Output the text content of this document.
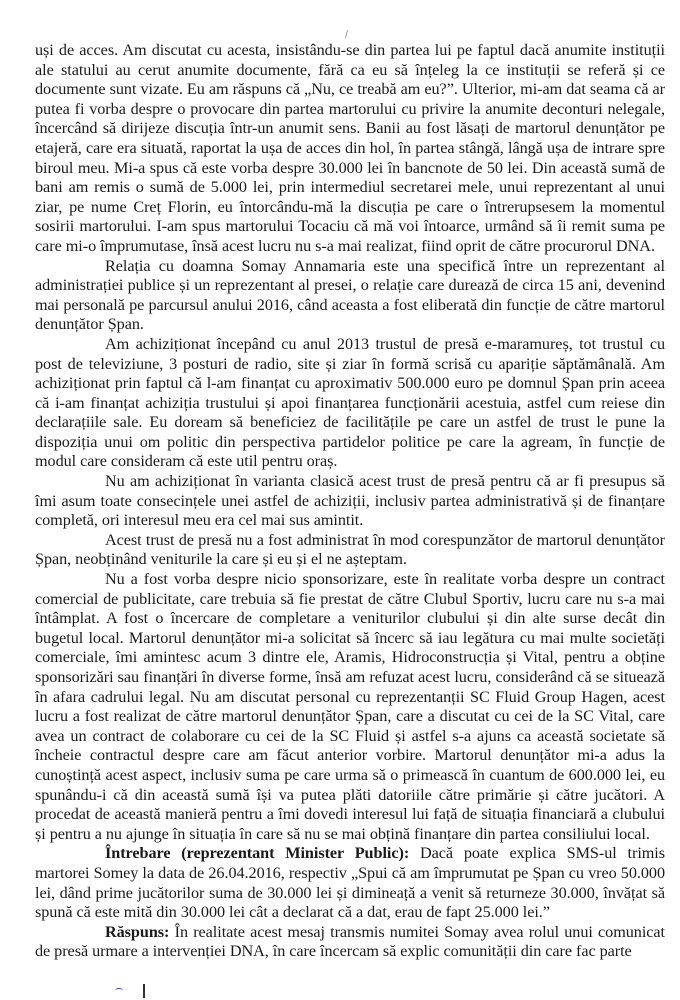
uși de acces. Am discutat cu acesta, insistându-se din partea lui pe faptul dacă anumite instituții ale statului au cerut anumite documente, fără ca eu să înțeleg la ce instituții se referă și ce documente sunt vizate. Eu am răspuns că „Nu, ce treabă am eu?”. Ulterior, mi-am dat seama că ar putea fi vorba despre o provocare din partea martorului cu privire la anumite deconturi nelegale, încercând să dirijeze discuția într-un anumit sens. Banii au fost lăsați de martorul denunțător pe etajeră, care era situată, raportat la ușa de acces din hol, în partea stângă, lângă ușa de intrare spre biroul meu. Mi-a spus că este vorba despre 30.000 lei în bancnote de 50 lei. Din această sumă de bani am remis o sumă de 5.000 lei, prin intermediul secretarei mele, unui reprezentant al unui ziar, pe nume Creț Florin, eu întorcându-mă la discuția pe care o întrerupsesem la momentul sosirii martorului. I-am spus martorului Tocaciu că mă voi întoarce, urmând să îi remit suma pe care mi-o împrumutase, însă acest lucru nu s-a mai realizat, fiind oprit de către procurorul DNA.

Relația cu doamna Somay Annamaria este una specifică între un reprezentant al administrației publice și un reprezentant al presei, o relație care durează de circa 15 ani, devenind mai personală pe parcursul anului 2016, când aceasta a fost eliberată din funcție de către martorul denunțător Șpan.

Am achiziționat începând cu anul 2013 trustul de presă e-maramureș, tot trustul cu post de televiziune, 3 posturi de radio, site și ziar în formă scrisă cu apariție săptămânală. Am achiziționat prin faptul că l-am finanțat cu aproximativ 500.000 euro pe domnul Șpan prin aceea că i-am finanțat achiziția trustului și apoi finanțarea funcționării acestuia, astfel cum reiese din declarațiile sale. Eu doream să beneficiez de facilitățile pe care un astfel de trust le pune la dispoziția unui om politic din perspectiva partidelor politice pe care la agream, în funcție de modul care consideram că este util pentru oraș.

Nu am achiziționat în varianta clasică acest trust de presă pentru că ar fi presupus să îmi asum toate consecințele unei astfel de achiziții, inclusiv partea administrativă și de finanțare completă, ori interesul meu era cel mai sus amintit.

Acest trust de presă nu a fost administrat în mod corespunzător de martorul denunțător Șpan, neobținând veniturile la care și eu și el ne așteptam.

Nu a fost vorba despre nicio sponsorizare, este în realitate vorba despre un contract comercial de publicitate, care trebuia să fie prestat de către Clubul Sportiv, lucru care nu s-a mai întâmplat. A fost o încercare de completare a veniturilor clubului și din alte surse decât din bugetul local. Martorul denunțător mi-a solicitat să încerc să iau legătura cu mai multe societăți comerciale, îmi amintesc acum 3 dintre ele, Aramis, Hidroconstrucția și Vital, pentru a obține sponsorizări sau finanțări în diverse forme, însă am refuzat acest lucru, considerând că se situează în afara cadrului legal. Nu am discutat personal cu reprezentanții SC Fluid Group Hagen, acest lucru a fost realizat de către martorul denunțător Șpan, care a discutat cu cei de la SC Vital, care avea un contract de colaborare cu cei de la SC Fluid și astfel s-a ajuns ca această societate să încheie contractul despre care am făcut anterior vorbire. Martorul denunțător mi-a adus la cunoștință acest aspect, inclusiv suma pe care urma să o primească în cuantum de 600.000 lei, eu spunându-i că din această sumă își va putea plăti datoriile către primărie și către jucători. A procedat de această manieră pentru a îmi dovedi interesul lui față de situația financiară a clubului și pentru a nu ajunge în situația în care să nu se mai obțină finanțare din partea consiliului local.

Întrebare (reprezentant Minister Public): Dacă poate explica SMS-ul trimis martorei Somey la data de 26.04.2016, respectiv „Spui că am împrumutat pe Șpan cu vreo 50.000 lei, dând prime jucătorilor suma de 30.000 lei și dimineață a venit să returneze 30.000, învățat să spună că este mită din 30.000 lei cât a declarat că a dat, erau de fapt 25.000 lei.”

Răspuns: În realitate acest mesaj transmis numitei Somay avea rolul unui comunicat de presă urmare a intervenției DNA, în care încercam să explic comunității din care fac parte
